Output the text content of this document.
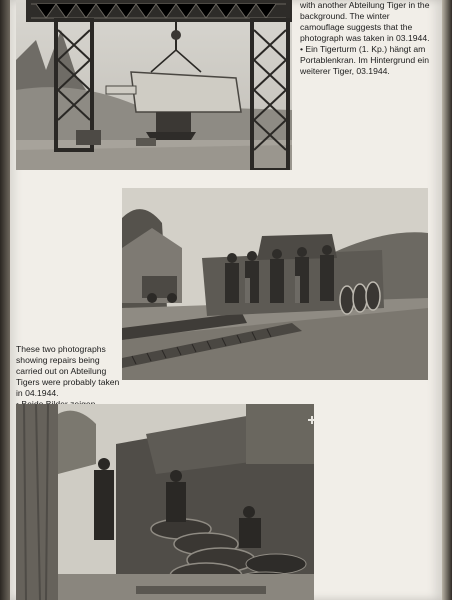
with another Abteilung Tiger in the background. The winter camouflage suggests that the photograph was taken in 03.1944.

• Ein Tigerturm (1. Kp.) hängt am Portablenkran. Im Hintergrund ein weiterer Tiger, 03.1944.

These two photographs showing repairs being carried out on Abteilung Tigers were probably taken in 04.1944.
